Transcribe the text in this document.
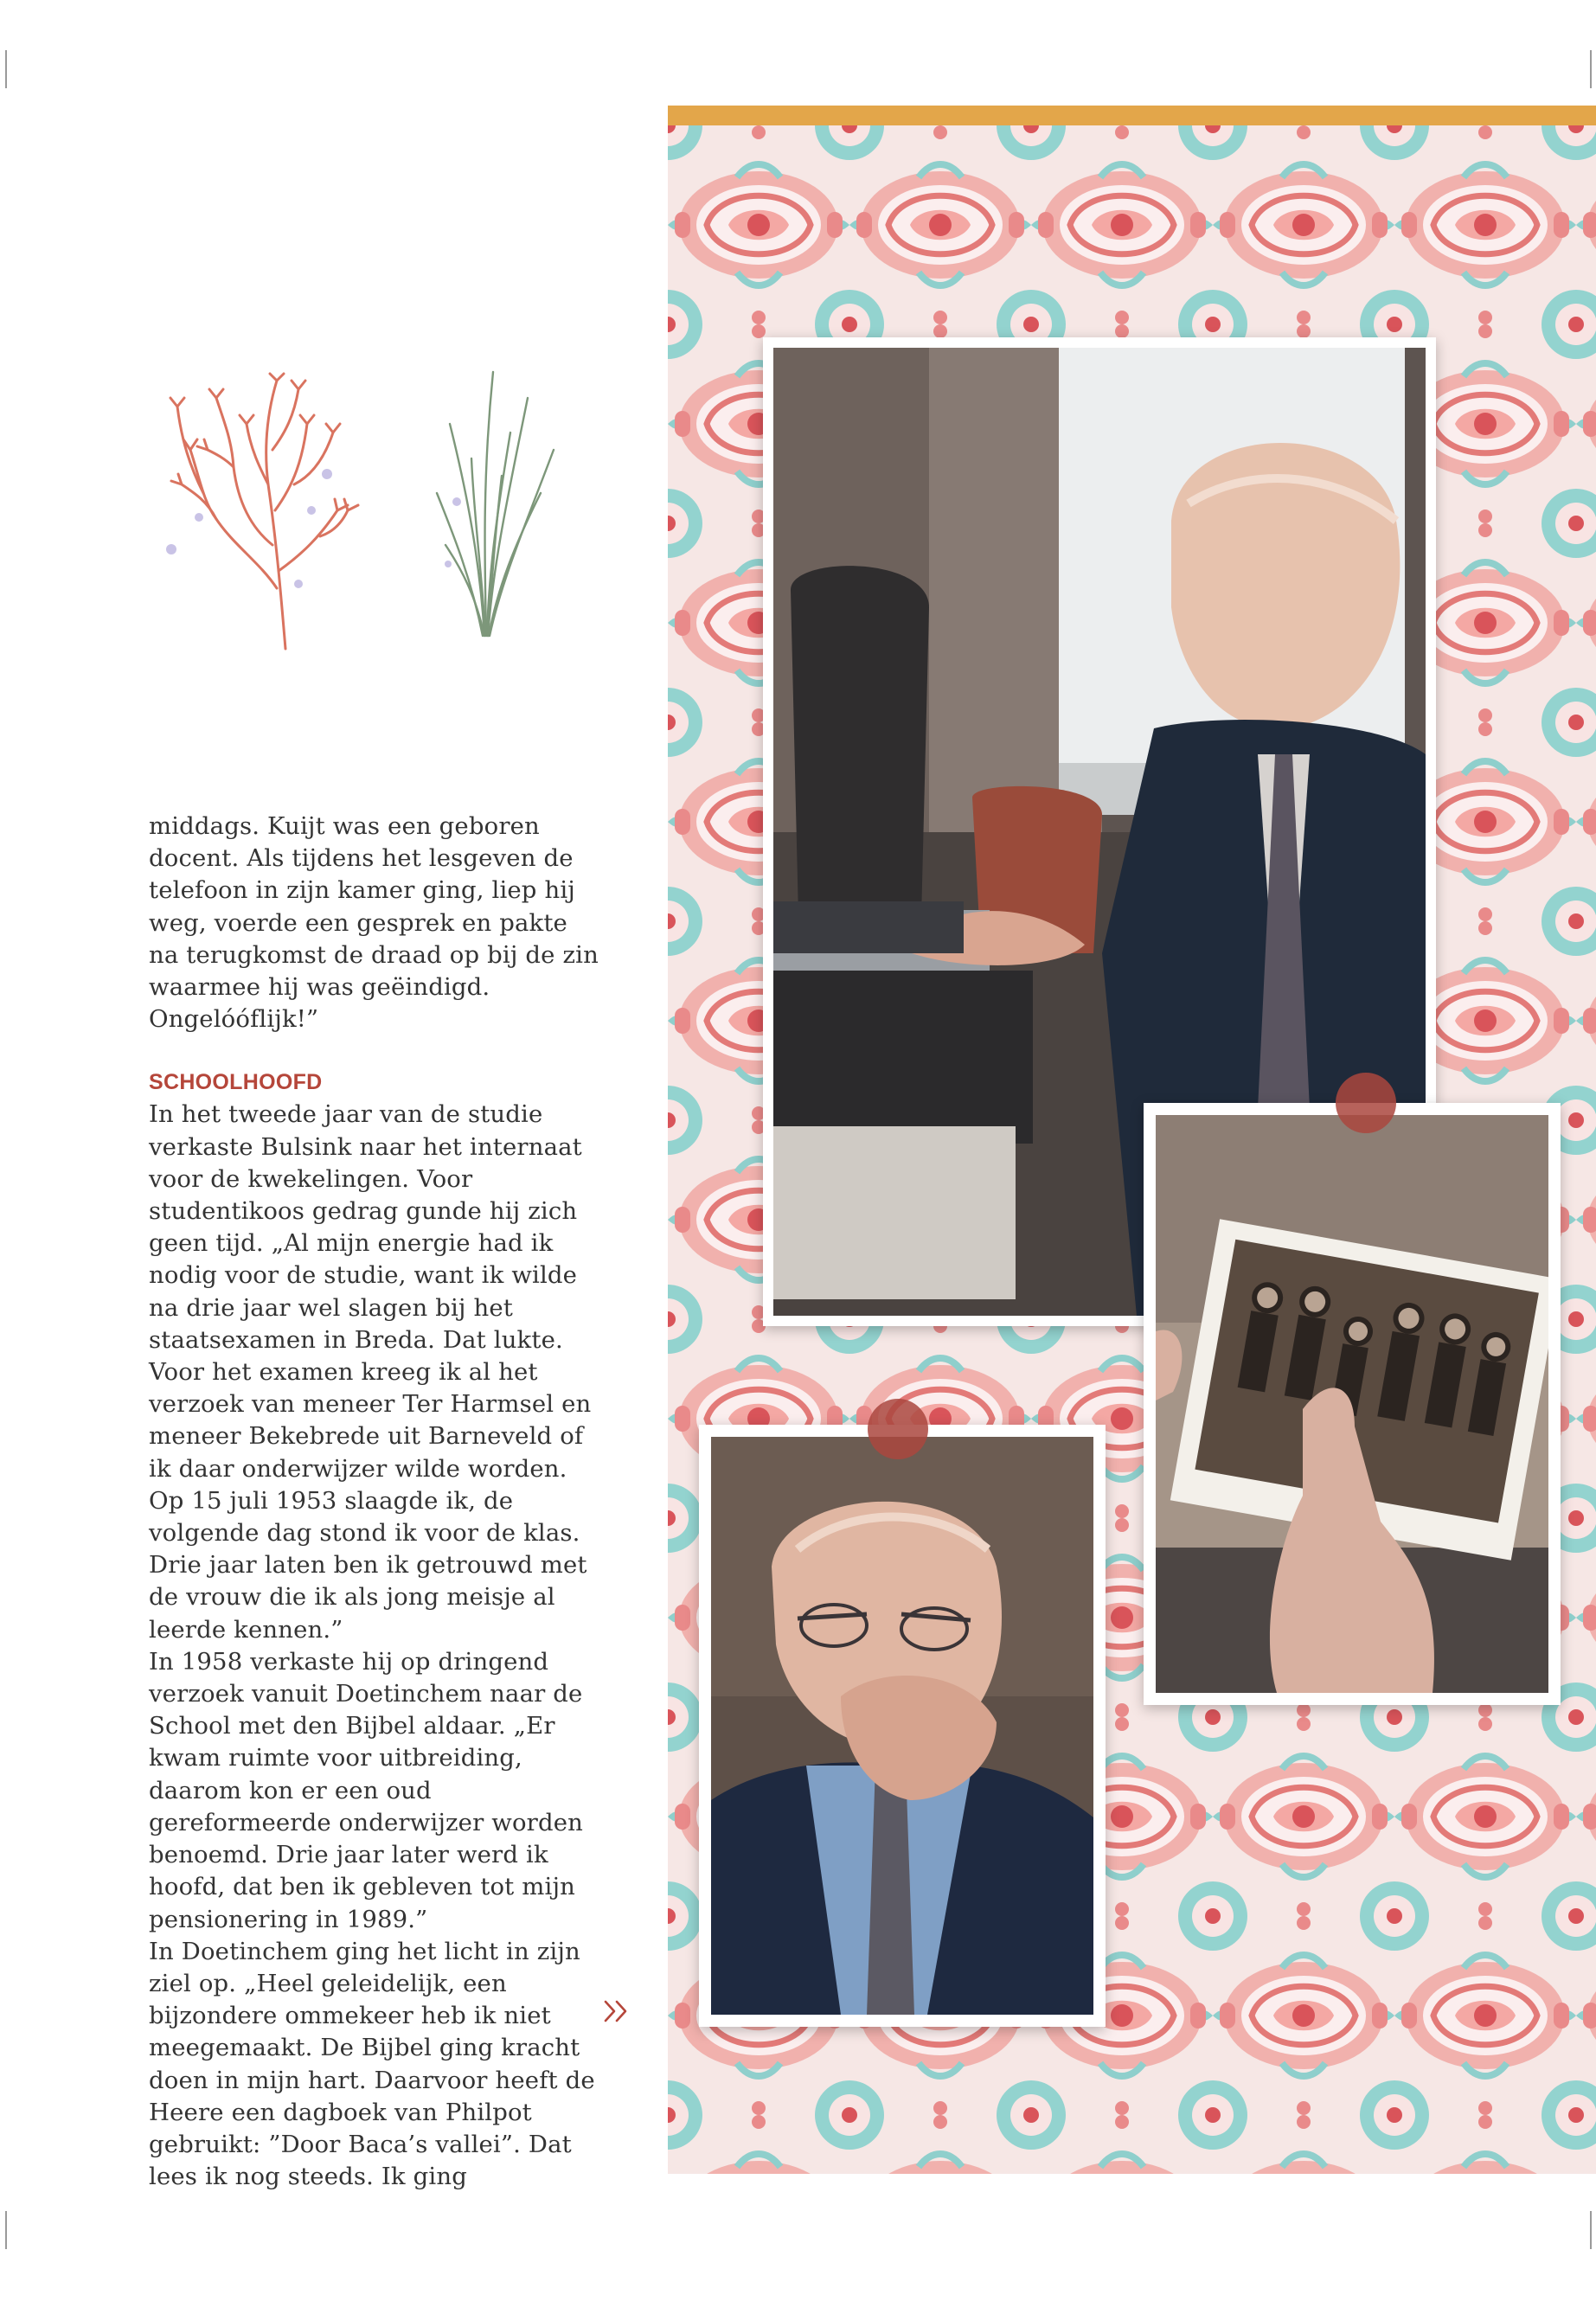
middags. Kuijt was een geboren docent. Als tijdens het lesgeven de telefoon in zijn kamer ging, liep hij weg, voerde een gesprek en pakte na terugkomst de draad op bij de zin waarmee hij was geëindigd. Ongelóóflijk!”

SCHOOLHOOFD

In het tweede jaar van de studie verkaste Bulsink naar het internaat voor de kwekelingen. Voor studentikoos gedrag gunde hij zich geen tijd. „Al mijn energie had ik nodig voor de studie, want ik wilde na drie jaar wel slagen bij het staatsexamen in Breda. Dat lukte. Voor het examen kreeg ik al het verzoek van meneer Ter Harmsel en meneer Bekebrede uit Barneveld of ik daar onderwijzer wilde worden. Op 15 juli 1953 slaagde ik, de volgende dag stond ik voor de klas. Drie jaar laten ben ik getrouwd met de vrouw die ik als jong meisje al leerde kennen.”

In 1958 verkaste hij op dringend verzoek vanuit Doetinchem naar de School met den Bijbel aldaar. „Er kwam ruimte voor uitbreiding, daarom kon er een oud gereformeerde onderwijzer worden benoemd. Drie jaar later werd ik hoofd, dat ben ik gebleven tot mijn pensionering in 1989.”

In Doetinchem ging het licht in zijn ziel op. „Heel geleidelijk, een bijzondere ommekeer heb ik niet meegemaakt. De Bijbel ging kracht doen in mijn hart. Daarvoor heeft de Heere een dagboek van Philpot gebruikt: ”Door Baca’s vallei”. Dat lees ik nog steeds. Ik ging
